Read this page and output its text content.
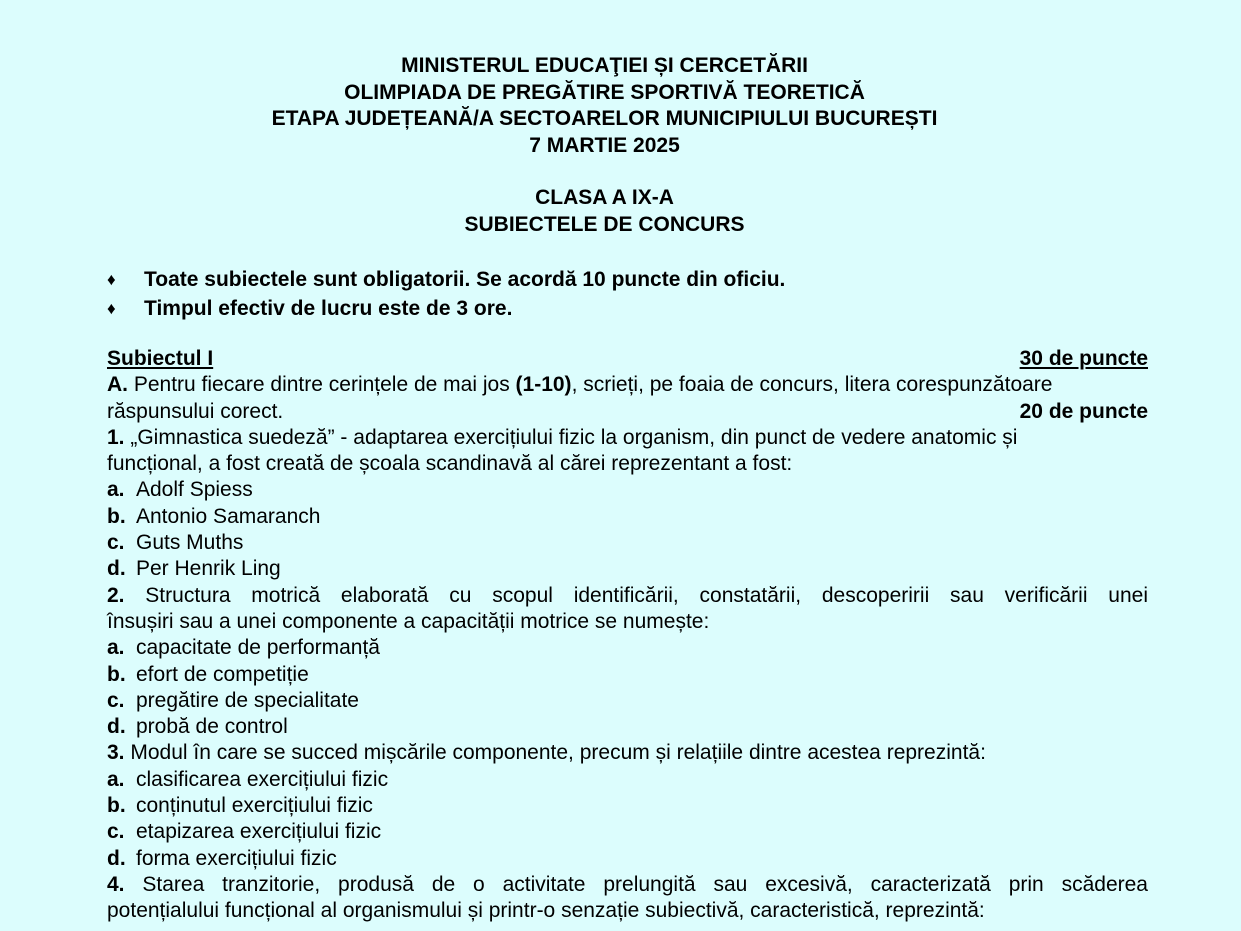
MINISTERUL EDUCAŢIEI ȘI CERCETĂRII
OLIMPIADA DE PREGĂTIRE SPORTIVĂ TEORETICĂ
ETAPA JUDEȚEANĂ/A SECTOARELOR MUNICIPIULUI BUCUREȘTI
7 MARTIE 2025
CLASA A IX-A
SUBIECTELE DE CONCURS
♦	Toate subiectele sunt obligatorii. Se acordă 10 puncte din oficiu.
♦	Timpul efectiv de lucru este de 3 ore.
Subiectul I	30 de puncte
A. Pentru fiecare dintre cerințele de mai jos (1-10), scrieți, pe foaia de concurs, litera corespunzătoare
răspunsului corect.	20 de puncte
1. „Gimnastica suedeză” - adaptarea exercițiului fizic la organism, din punct de vedere anatomic și
funcțional, a fost creată de școala scandinavă al cărei reprezentant a fost:
a. Adolf Spiess
b. Antonio Samaranch
c. Guts Muths
d. Per Henrik Ling
2. Structura motrică elaborată cu scopul identificării, constatării, descoperirii sau verificării unei
însușiri sau a unei componente a capacității motrice se numește:
a. capacitate de performanță
b. efort de competiție
c. pregătire de specialitate
d. probă de control
3. Modul în care se succed mișcările componente, precum și relațiile dintre acestea reprezintă:
a. clasificarea exercițiului fizic
b. conținutul exercițiului fizic
c. etapizarea exercițiului fizic
d. forma exercițiului fizic
4. Starea tranzitorie, produsă de o activitate prelungită sau excesivă, caracterizată prin scăderea
potențialului funcțional al organismului și printr-o senzație subiectivă, caracteristică, reprezintă:
